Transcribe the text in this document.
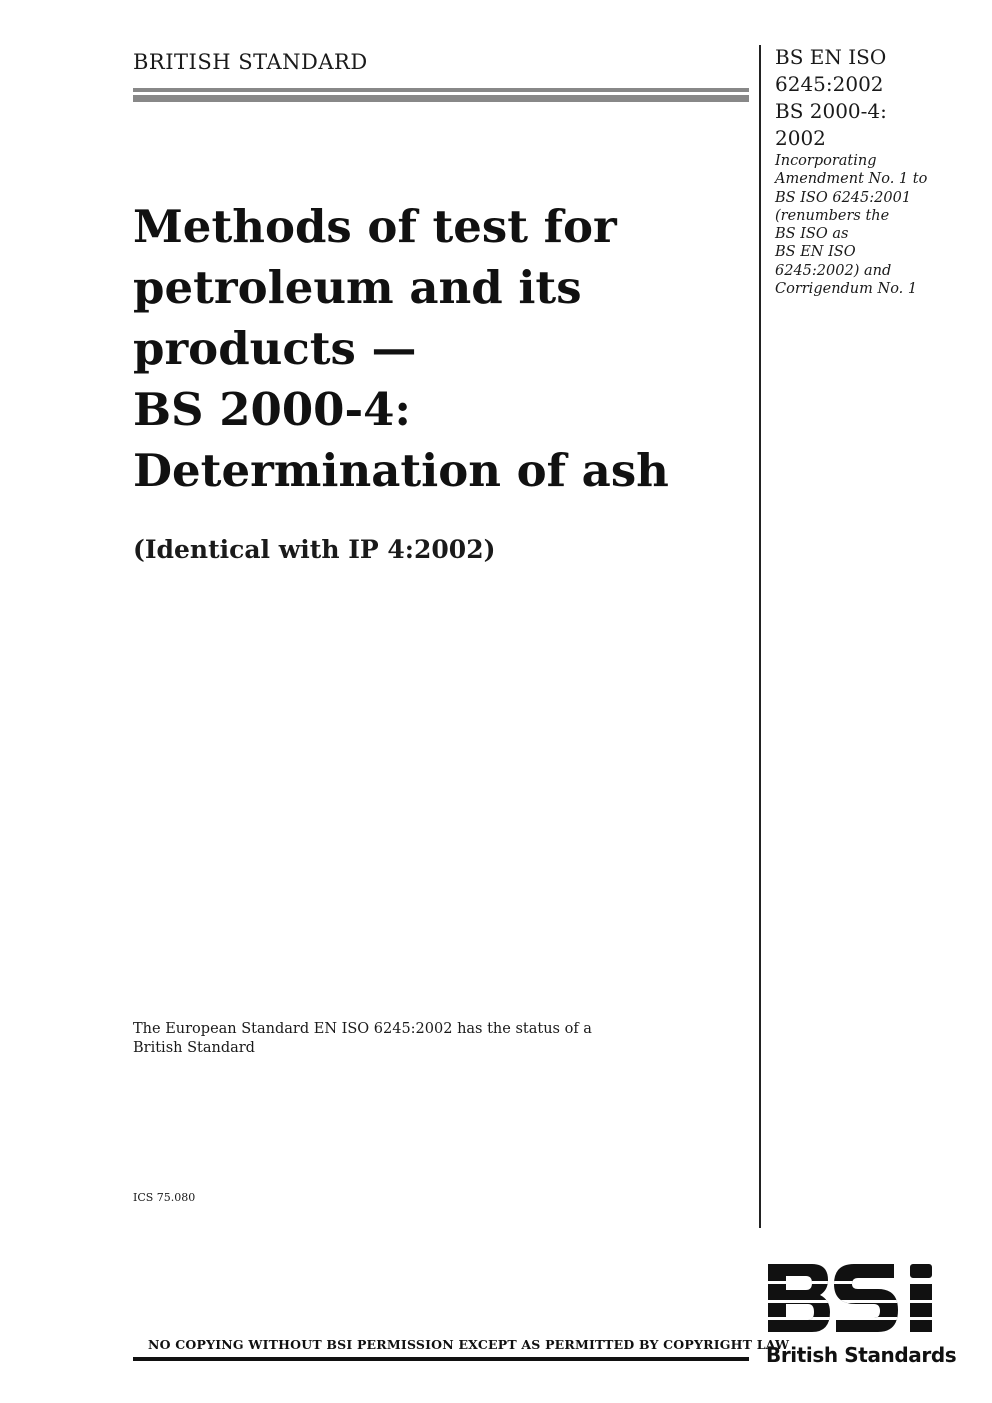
BRITISH STANDARD	BS EN ISO
6245:2002
BS 2000-4:
2002
Incorporating
Amendment No. 1 to
BS ISO 6245:2001
(renumbers the
BS ISO as
BS EN ISO
6245:2002) and
Corrigendum No. 1
Methods of test for
petroleum and its
products —
BS 2000-4:
Determination of ash
(Identical with IP 4:2002)
The European Standard EN ISO 6245:2002 has the status of a
British Standard
ICS 75.080
NO COPYING WITHOUT BSI PERMISSION EXCEPT AS PERMITTED BY COPYRIGHT LAW
British Standards
